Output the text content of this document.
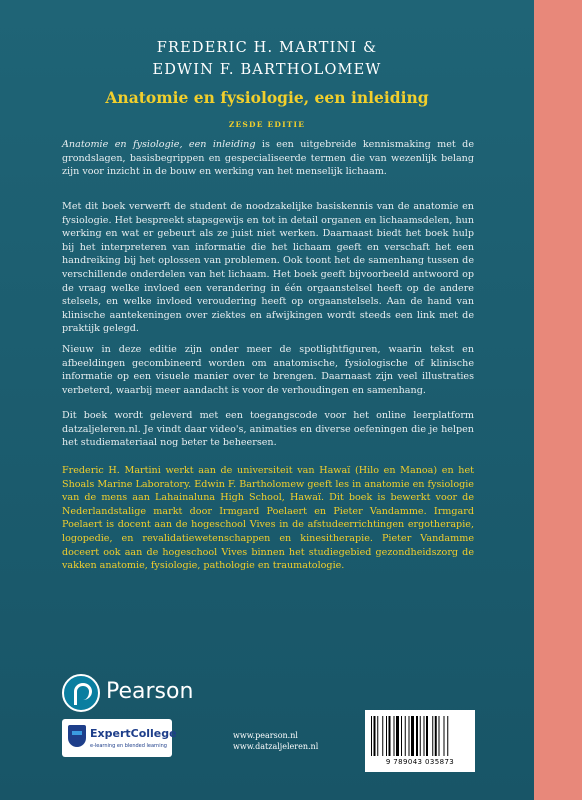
FREDERIC H. MARTINI &
EDWIN F. BARTHOLOMEW
Anatomie en fysiologie, een inleiding
ZESDE EDITIE
Anatomie en fysiologie, een inleiding is een uitgebreide kennismaking met de grondslagen, basisbegrippen en gespecialiseerde termen die van wezenlijk belang zijn voor inzicht in de bouw en werking van het menselijk lichaam.
Met dit boek verwerft de student de noodzakelijke basiskennis van de anatomie en fysiologie. Het bespreekt stapsgewijs en tot in detail organen en lichaamsdelen, hun werking en wat er gebeurt als ze juist niet werken. Daarnaast biedt het boek hulp bij het interpreteren van informatie die het lichaam geeft en verschaft het een handreiking bij het oplossen van problemen. Ook toont het de samenhang tussen de verschillende onderdelen van het lichaam. Het boek geeft bijvoorbeeld antwoord op de vraag welke invloed een verandering in één orgaanstelsel heeft op de andere stelsels, en welke invloed veroudering heeft op orgaanstelsels. Aan de hand van klinische aantekeningen over ziektes en afwijkingen wordt steeds een link met de praktijk gelegd.
Nieuw in deze editie zijn onder meer de spotlightfiguren, waarin tekst en afbeeldingen gecombineerd worden om anatomische, fysiologische of klinische informatie op een visuele manier over te brengen. Daarnaast zijn veel illustraties verbeterd, waarbij meer aandacht is voor de verhoudingen en samenhang.
Dit boek wordt geleverd met een toegangscode voor het online leerplatform datzaljeleren.nl. Je vindt daar video's, animaties en diverse oefeningen die je helpen het studiemateriaal nog beter te beheersen.
Frederic H. Martini werkt aan de universiteit van Hawaï (Hilo en Manoa) en het Shoals Marine Laboratory. Edwin F. Bartholomew geeft les in anatomie en fysiologie van de mens aan Lahainaluna High School, Hawaï. Dit boek is bewerkt voor de Nederlandstalige markt door Irmgard Poelaert en Pieter Vandamme. Irmgard Poelaert is docent aan de hogeschool Vives in de afstudeerrichtingen ergotherapie, logopedie, en revalidatiewetenschappen en kinesitherapie. Pieter Vandamme doceert ook aan de hogeschool Vives binnen het studiegebied gezondheidszorg de vakken anatomie, fysiologie, pathologie en traumatologie.
Pearson
ExpertCollege
e-learning en blended learning
www.pearson.nl
www.datzaljeleren.nl
9 789043 035873
